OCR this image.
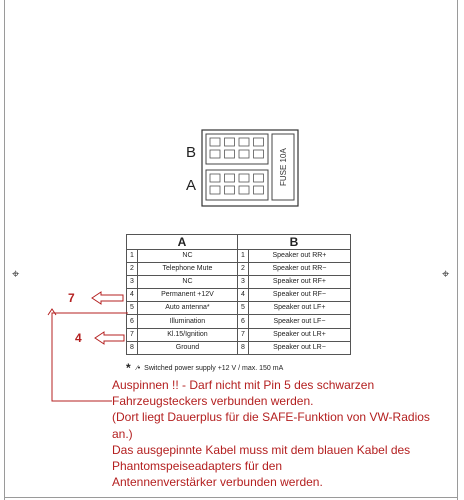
B
A	FUSE 10A
A		B	
1	NC	1	Speaker out RR+
2	Telephone Mute	2	Speaker out RR−
3	NC	3	Speaker out RF+
4	Permanent +12V	4	Speaker out RF−
5	Auto antenna*	5	Speaker out LF+
6	Illumination	6	Speaker out LF−
7	Kl.15/Ignition	7	Speaker out LR+
8	Ground	8	Speaker out LR−
* ∕•  Switched power supply +12 V / max. 150 mA
7
4
Auspinnen !! - Darf nicht mit Pin 5 des schwarzen
Fahrzeugsteckers verbunden werden.
(Dort liegt Dauerplus für die SAFE-Funktion von VW-Radios
an.)
Das ausgepinnte Kabel muss mit dem blauen Kabel des
Phantomspeiseadapters für den
Antennenverstärker verbunden werden.
⌖	⌖
